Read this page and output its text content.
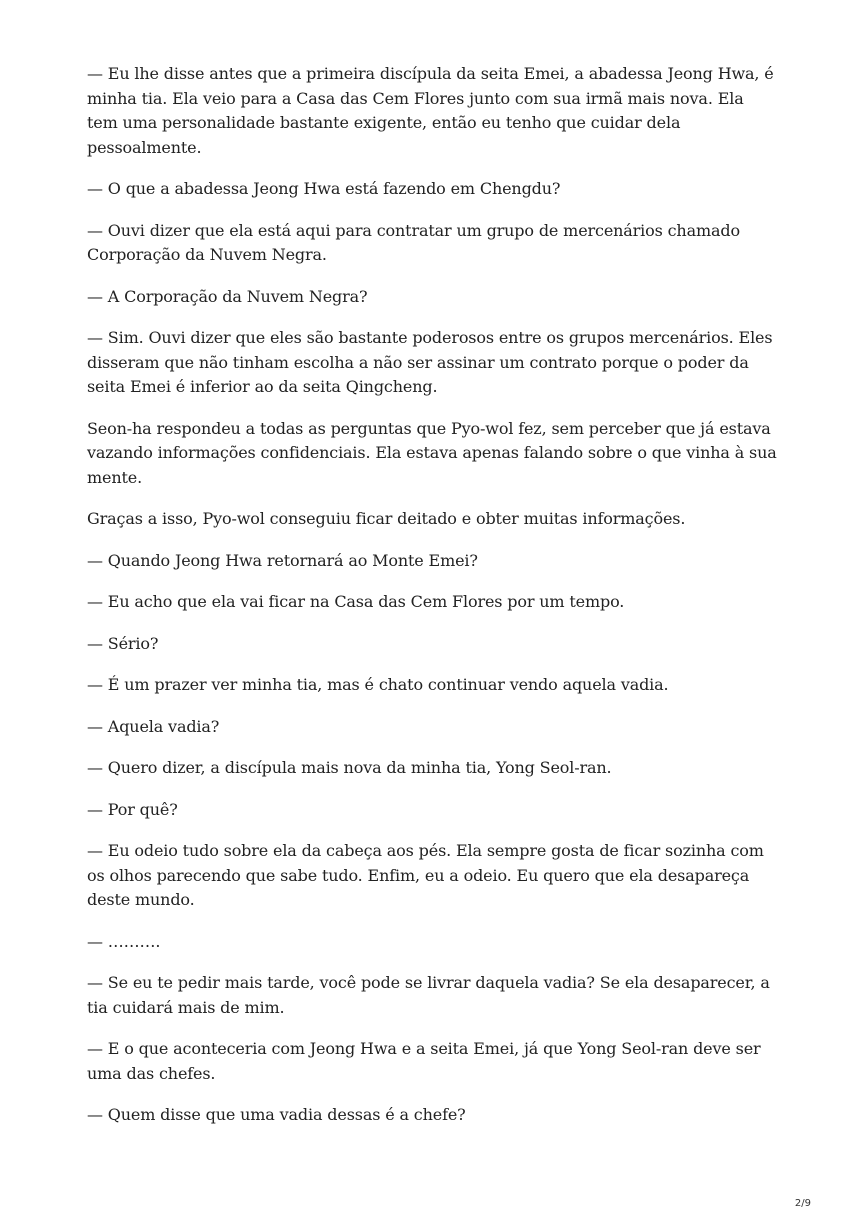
— Eu lhe disse antes que a primeira discípula da seita Emei, a abadessa Jeong Hwa, é minha tia. Ela veio para a Casa das Cem Flores junto com sua irmã mais nova. Ela tem uma personalidade bastante exigente, então eu tenho que cuidar dela pessoalmente.

— O que a abadessa Jeong Hwa está fazendo em Chengdu?

— Ouvi dizer que ela está aqui para contratar um grupo de mercenários chamado Corporação da Nuvem Negra.

— A Corporação da Nuvem Negra?

— Sim. Ouvi dizer que eles são bastante poderosos entre os grupos mercenários. Eles disseram que não tinham escolha a não ser assinar um contrato porque o poder da seita Emei é inferior ao da seita Qingcheng.

Seon-ha respondeu a todas as perguntas que Pyo-wol fez, sem perceber que já estava vazando informações confidenciais. Ela estava apenas falando sobre o que vinha à sua mente.

Graças a isso, Pyo-wol conseguiu ficar deitado e obter muitas informações.

— Quando Jeong Hwa retornará ao Monte Emei?

— Eu acho que ela vai ficar na Casa das Cem Flores por um tempo.

— Sério?

— É um prazer ver minha tia, mas é chato continuar vendo aquela vadia.

— Aquela vadia?

— Quero dizer, a discípula mais nova da minha tia, Yong Seol-ran.

— Por quê?

— Eu odeio tudo sobre ela da cabeça aos pés. Ela sempre gosta de ficar sozinha com os olhos parecendo que sabe tudo. Enfim, eu a odeio. Eu quero que ela desapareça deste mundo.

— ……….

— Se eu te pedir mais tarde, você pode se livrar daquela vadia? Se ela desaparecer, a tia cuidará mais de mim.

— E o que aconteceria com Jeong Hwa e a seita Emei, já que Yong Seol-ran deve ser uma das chefes.

— Quem disse que uma vadia dessas é a chefe?

2/9
